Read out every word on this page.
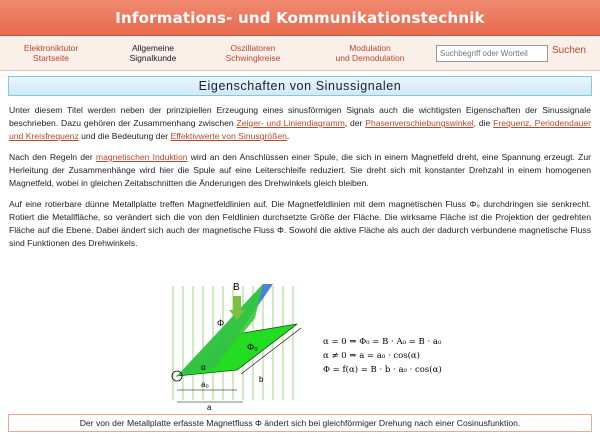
Informations- und Kommunikationstechnik
Elektroniktutor
Startseite
Allgemeine
Signalkunde
Oszillatoren
Schwingkreise
Modulation
und Demodulation
Suchbegriff oder Wortteil
Suchen
Eigenschaften von Sinussignalen

Unter diesem Titel werden neben der prinzipiellen Erzeugung eines sinusförmigen Signals auch die wichtigsten Eigenschaften der Sinussignale beschrieben. Dazu gehören der Zusammenhang zwischen Zeiger- und Liniendiagramm, der Phasenverschiebungswinkel, die Frequenz, Periodendauer und Kreisfrequenz und die Bedeutung der Effektivwerte von Sinusgrößen.

Nach den Regeln der magnetischen Induktion wird an den Anschlüssen einer Spule, die sich in einem Magnetfeld dreht, eine Spannung erzeugt. Zur Herleitung der Zusammenhänge wird hier die Spule auf eine Leiterschleife reduziert. Sie dreht sich mit konstanter Drehzahl in einem homogenen Magnetfeld, wobei in gleichen Zeitabschnitten die Änderungen des Drehwinkels gleich bleiben.

Auf eine rotierbare dünne Metallplatte treffen Magnetfeldlinien auf. Die Magnetfeldlinien mit dem magnetischen Fluss Φ₀ durchdringen sie senkrecht. Rotiert die Metallfläche, so verändert sich die von den Feldlinien durchsetzte Größe der Fläche. Die wirksame Fläche ist die Projektion der gedrehten Fläche auf die Ebene. Dabei ändert sich auch der magnetische Fluss Φ. Sowohl die aktive Fläche als auch der dadurch verbundene magnetische Fluss sind Funktionen des Drehwinkels.

B
Φ
Φ₀
α
a₀
a
b
α = 0 ⇒ Φ₀ = B · A₀ = B · a₀ · b
α ≠ 0 ⇒ a = a₀ · cos(α)
Φ = f(α) = B · b · a₀ · cos(α)
Der von der Metallplatte erfasste Magnetfluss Φ ändert sich bei gleichförmiger Drehung nach einer Cosinusfunktion.
